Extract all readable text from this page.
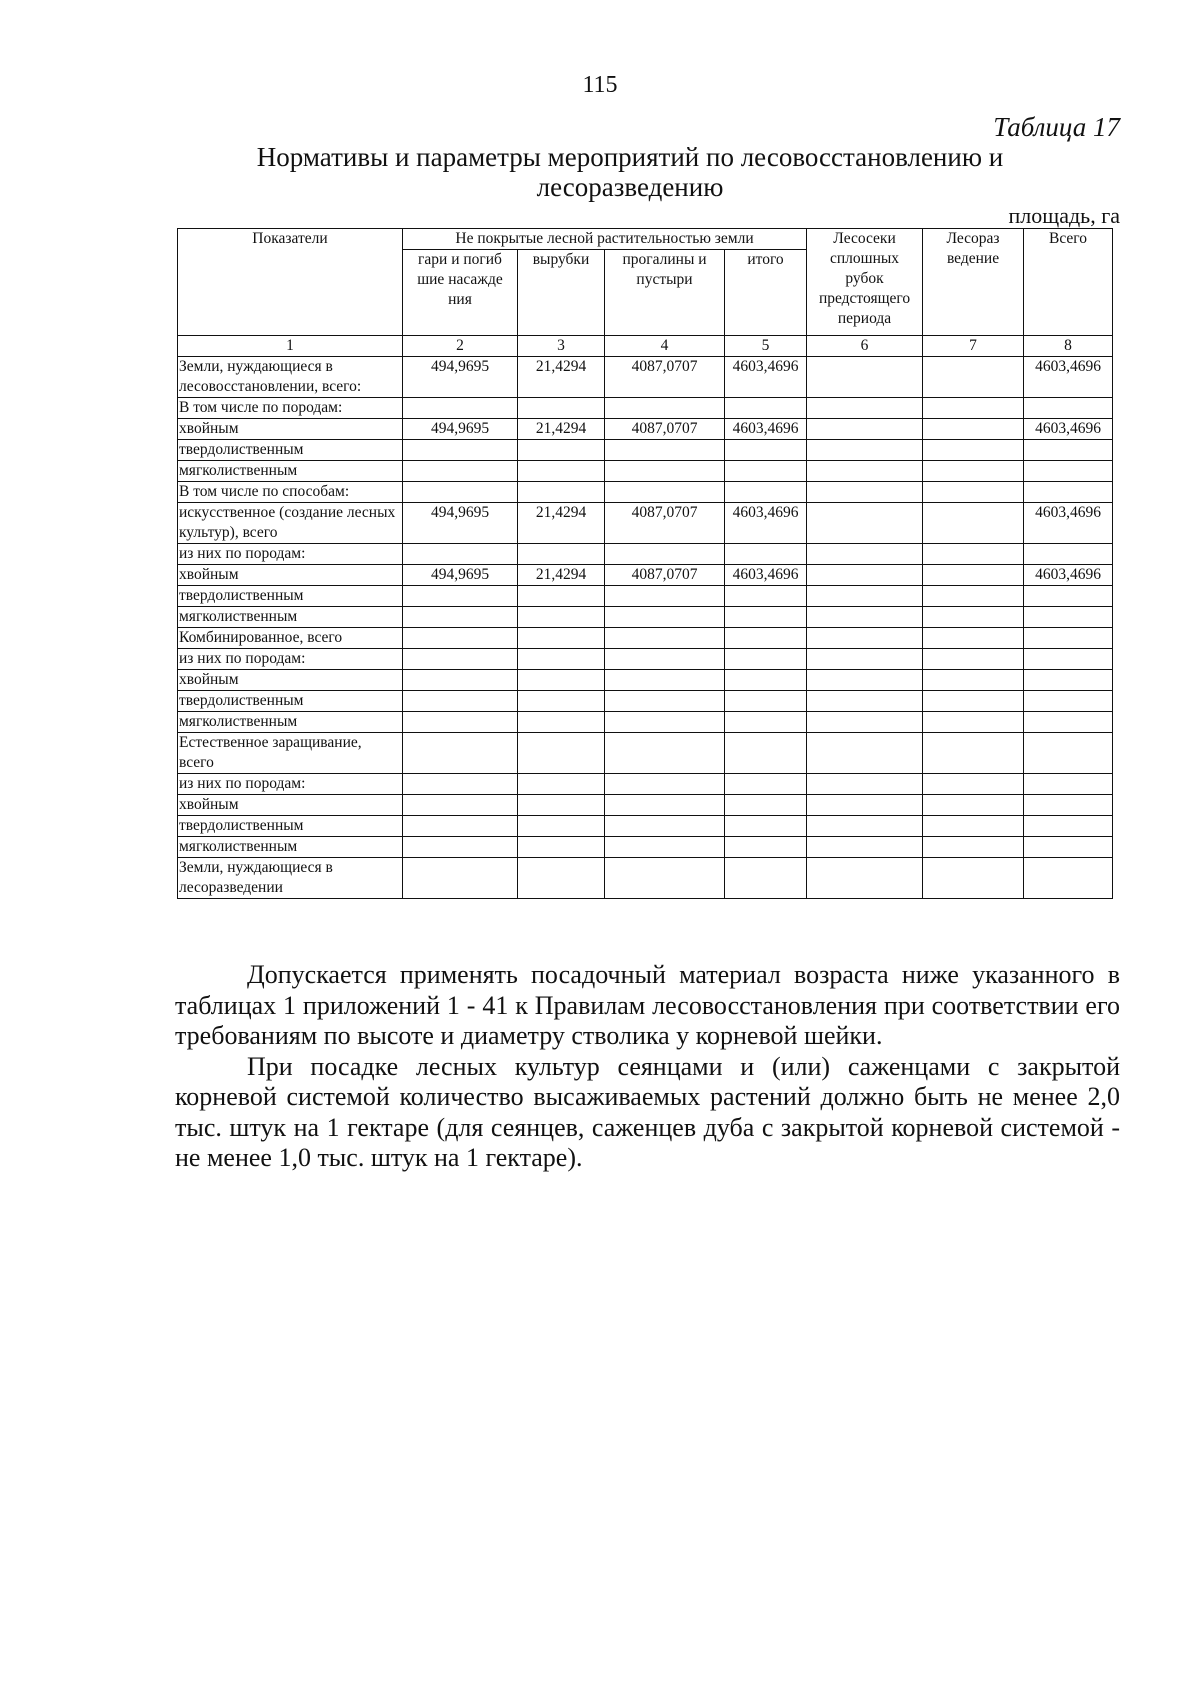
115
Таблица 17
Нормативы и параметры мероприятий по лесовосстановлению и лесоразведению
площадь, га
Показатели	Не покрытые лесной растительностью земли				Лесосеки сплошных рубок предстоящего периода	Лесораз ведение	Всего
	гари и погиб шие насажде ния	вырубки	прогалины и пустыри	итого			
1	2	3	4	5	6	7	8
Земли, нуждающиеся в лесовосстановлении, всего:	494,9695	21,4294	4087,0707	4603,4696			4603,4696
В том числе по породам:							
хвойным	494,9695	21,4294	4087,0707	4603,4696			4603,4696
твердолиственным							
мягколиственным							
В том числе по способам:							
искусственное (создание лесных культур), всего	494,9695	21,4294	4087,0707	4603,4696			4603,4696
из них по породам:							
хвойным	494,9695	21,4294	4087,0707	4603,4696			4603,4696
твердолиственным							
мягколиственным							
Комбинированное, всего							
из них по породам:							
хвойным							
твердолиственным							
мягколиственным							
Естественное заращивание, всего							
из них по породам:							
хвойным							
твердолиственным							
мягколиственным							
Земли, нуждающиеся в лесоразведении							

Допускается применять посадочный материал возраста ниже указанного в таблицах 1 приложений 1 - 41 к Правилам лесовосстановления при соответствии его требованиям по высоте и диаметру стволика у корневой шейки.

При посадке лесных культур сеянцами и (или) саженцами с закрытой корневой системой количество высаживаемых растений должно быть не менее 2,0 тыс. штук на 1 гектаре (для сеянцев, саженцев дуба с закрытой корневой системой - не менее 1,0 тыс. штук на 1 гектаре).
